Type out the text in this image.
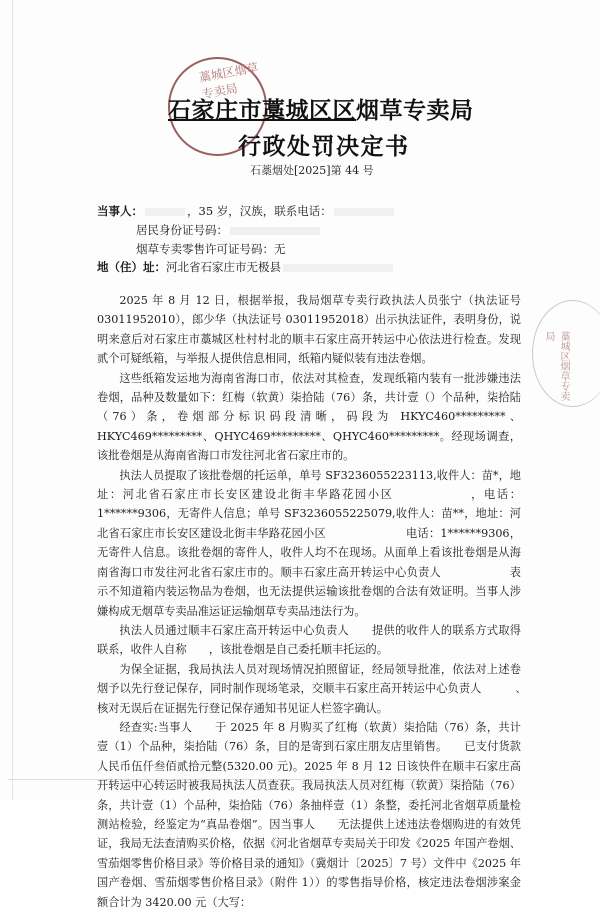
藁城区烟草专卖局
石家庄市藁城区区烟草专卖局
行政处罚决定书
石藁烟处[2025]第 44 号
当事人：	，35 岁，汉族，联系电话：
居民身份证号码：
烟草专卖零售许可证号码：无
地（住）址：河北省石家庄市无极县

2025 年 8 月 12 日，根据举报，我局烟草专卖行政执法人员张宁（执法证号 03011952010），郎少华（执法证号 03011952018）出示执法证件，表明身份，说明来意后对石家庄市藁城区杜村村北的顺丰石家庄高开转运中心依法进行检查。发现贰个可疑纸箱，与举报人提供信息相同，纸箱内疑似装有违法卷烟。

这些纸箱发运地为海南省海口市，依法对其检查，发现纸箱内装有一批涉嫌违法卷烟，品种及数量如下：红梅（软黄）柒拾陆（76）条，共计壹（）个品种，柒拾陆（76）条，卷烟部分标识码段清晰，码段为 HKYC460*********、HKYC469*********、QHYC469*********、QHYC460*********。经现场调查，该批卷烟是从海南省海口市发往河北省石家庄市的。

执法人员提取了该批卷烟的托运单，单号 SF3236055223113,收件人：苗*，地址：河北省石家庄市长安区建设北街丰华路花园小区　　　　　　，电话：1******9306，无寄件人信息；单号 SF3236055225079,收件人：苗**，地址：河北省石家庄市长安区建设北街丰华路花园小区　　　　　　　电话：1******9306，无寄件人信息。该批卷烟的寄件人，收件人均不在现场。从面单上看该批卷烟是从海南省海口市发往河北省石家庄市的。顺丰石家庄高开转运中心负责人　　　　　　表示不知道箱内装运物品为卷烟，也无法提供运输该批卷烟的合法有效证明。当事人涉嫌构成无烟草专卖品准运证运输烟草专卖品违法行为。

执法人员通过顺丰石家庄高开转运中心负责人　　提供的收件人的联系方式取得联系，收件人自称　　，该批卷烟是自己委托顺丰托运的。

为保全证据，我局执法人员对现场情况拍照留证，经局领导批准，依法对上述卷烟予以先行登记保存，同时制作现场笔录，交顺丰石家庄高开转运中心负责人　　　、　　核对无误后在证据先行登记保存通知书见证人栏签字确认。

经查实:当事人　　于 2025 年 8 月购买了红梅（软黄）柒拾陆（76）条，共计壹（1）个品种，柒拾陆（76）条，目的是寄到石家庄朋友店里销售。　　已支付货款人民币伍仟叁佰贰拾元整(5320.00 元)。2025 年 8 月 12 日该快件在顺丰石家庄高开转运中心转运时被我局执法人员查获。我局执法人员对红梅（软黄）柒拾陆（76）条，共计壹（1）个品种，柒拾陆（76）条抽样壹（1）条整，委托河北省烟草质量检测站检验，经鉴定为“真品卷烟”。因当事人　　无法提供上述违法卷烟购进的有效凭证，我局无法查清购买价格，依据《河北省烟草专卖局关于印发《2025 年国产卷烟、雪茄烟零售价格目录》等价格目录的通知》（冀烟计〔2025〕7 号）文件中《2025 年国产卷烟、雪茄烟零售价格目录》（附件 1））的零售指导价格，核定违法卷烟涉案金额合计为 3420.00 元（大写：

藁城区烟草专卖局
